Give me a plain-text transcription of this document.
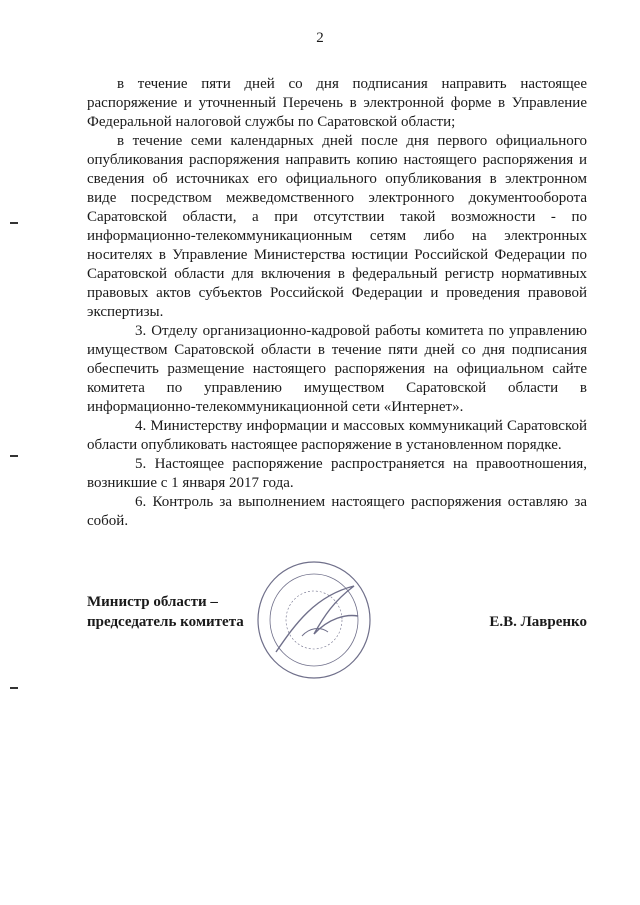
2

в течение пяти дней со дня подписания направить настоящее распоряжение и уточненный Перечень в электронной форме в Управление Федеральной налоговой службы по Саратовской области;

в течение семи календарных дней после дня первого официального опубликования распоряжения направить копию настоящего распоряжения и сведения об источниках его официального опубликования в электронном виде посредством межведомственного электронного документооборота Саратовской области, а при отсутствии такой возможности - по информационно-телекоммуникационным сетям либо на электронных носителях в Управление Министерства юстиции Российской Федерации по Саратовской области для включения в федеральный регистр нормативных правовых актов субъектов Российской Федерации и проведения правовой экспертизы.

3. Отделу организационно-кадровой работы комитета по управлению имуществом Саратовской области в течение пяти дней со дня подписания обеспечить размещение настоящего распоряжения на официальном сайте комитета по управлению имуществом Саратовской области в информационно-телекоммуникационной сети «Интернет».

4. Министерству информации и массовых коммуникаций Саратовской области опубликовать настоящее распоряжение в установленном порядке.

5. Настоящее распоряжение распространяется на правоотношения, возникшие с 1 января 2017 года.

6. Контроль за выполнением настоящего распоряжения оставляю за собой.

Министр области –
председатель комитета	Е.В. Лавренко
